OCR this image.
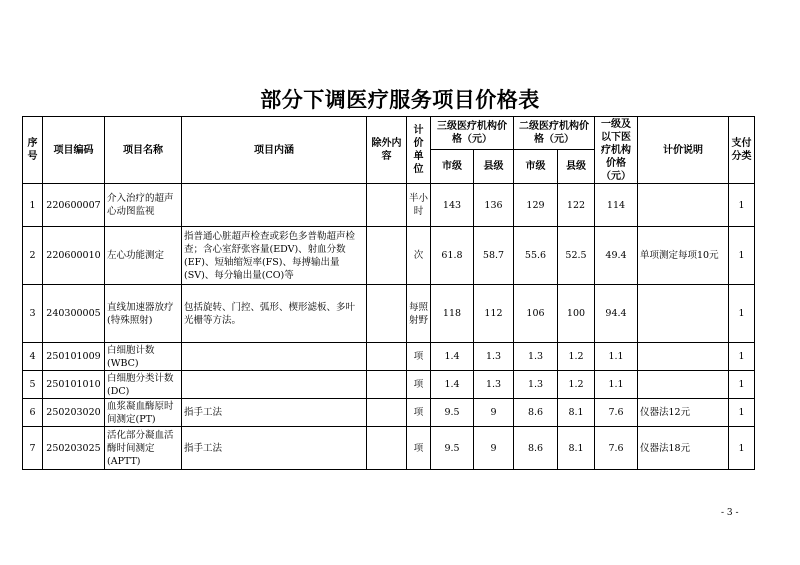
部分下调医疗服务项目价格表
序号	项目编码	项目名称	项目内涵	除外内容	计价单位	三级医疗机构价格（元）		二级医疗机构价格（元）		一级及以下医疗机构价格（元）	计价说明	支付分类
						市级	县级	市级	县级			
1	220600007	介入治疗的超声心动图监视			半小时	143	136	129	122	114		1
2	220600010	左心功能测定	指普通心脏超声检查或彩色多普勒超声检查；含心室舒张容量(EDV)、射血分数(EF)、短轴缩短率(FS)、每搏输出量(SV)、每分输出量(CO)等		次	61.8	58.7	55.6	52.5	49.4	单项测定每项10元	1
3	240300005	直线加速器放疗(特殊照射)	包括旋转、门控、弧形、楔形滤板、多叶光栅等方法。		每照射野	118	112	106	100	94.4		1
4	250101009	白细胞计数(WBC)			项	1.4	1.3	1.3	1.2	1.1		1
5	250101010	白细胞分类计数(DC)			项	1.4	1.3	1.3	1.2	1.1		1
6	250203020	血浆凝血酶原时间测定(PT)	指手工法		项	9.5	9	8.6	8.1	7.6	仪器法12元	1
7	250203025	活化部分凝血活酶时间测定(APTT)	指手工法		项	9.5	9	8.6	8.1	7.6	仪器法18元	1
- 3 -
